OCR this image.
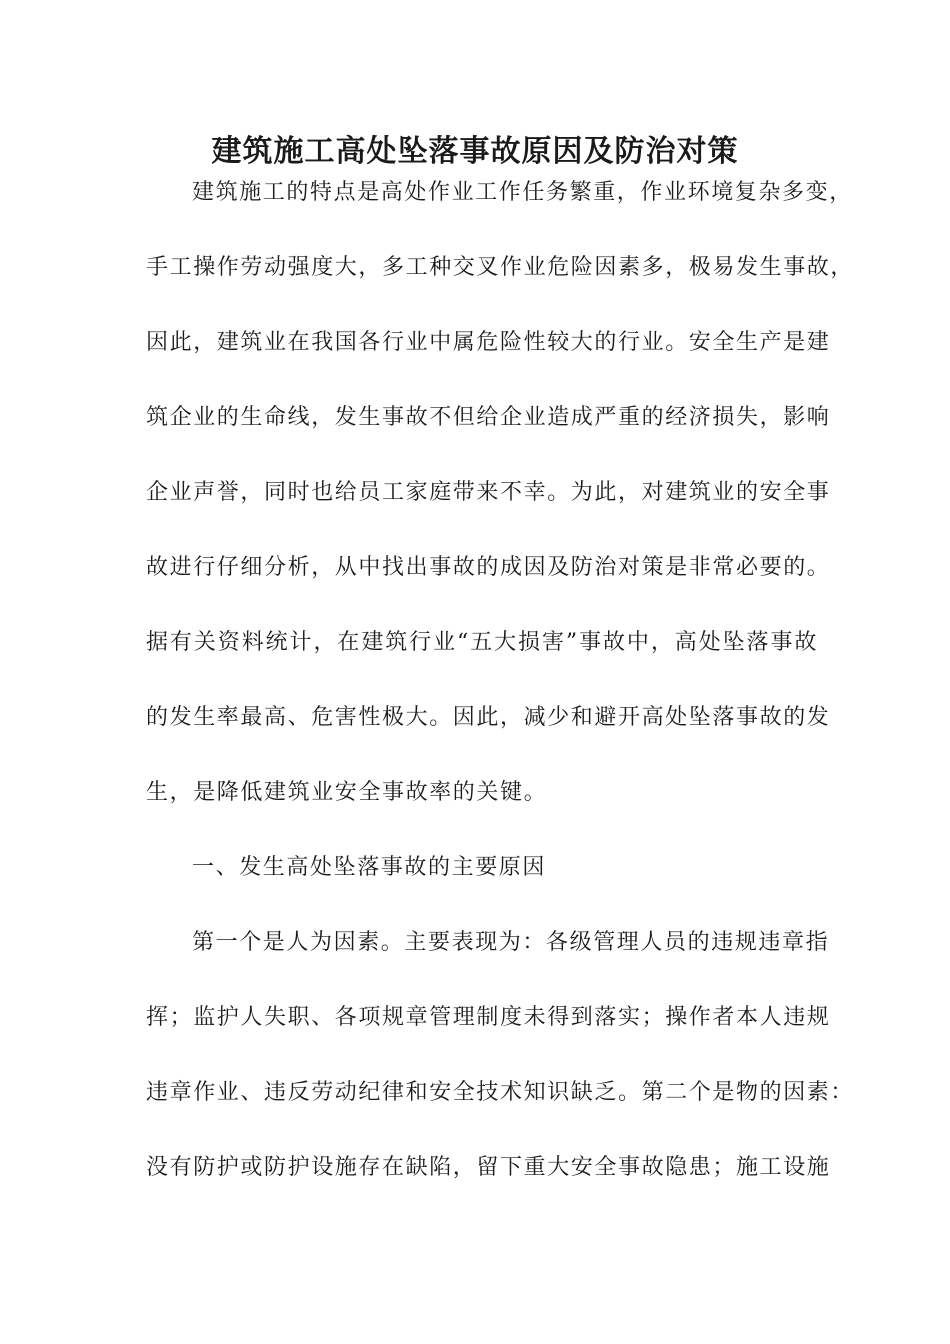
建筑施工高处坠落事故原因及防治对策
建筑施工的特点是高处作业工作任务繁重，作业环境复杂多变，
手工操作劳动强度大，多工种交叉作业危险因素多，极易发生事故，
因此，建筑业在我国各行业中属危险性较大的行业。安全生产是建
筑企业的生命线，发生事故不但给企业造成严重的经济损失，影响
企业声誉，同时也给员工家庭带来不幸。为此，对建筑业的安全事
故进行仔细分析，从中找出事故的成因及防治对策是非常必要的。
据有关资料统计，在建筑行业“五大损害”事故中，高处坠落事故
的发生率最高、危害性极大。因此，减少和避开高处坠落事故的发
生，是降低建筑业安全事故率的关键。
一、发生高处坠落事故的主要原因
第一个是人为因素。主要表现为：各级管理人员的违规违章指
挥；监护人失职、各项规章管理制度未得到落实；操作者本人违规
违章作业、违反劳动纪律和安全技术知识缺乏。第二个是物的因素：
没有防护或防护设施存在缺陷，留下重大安全事故隐患；施工设施
